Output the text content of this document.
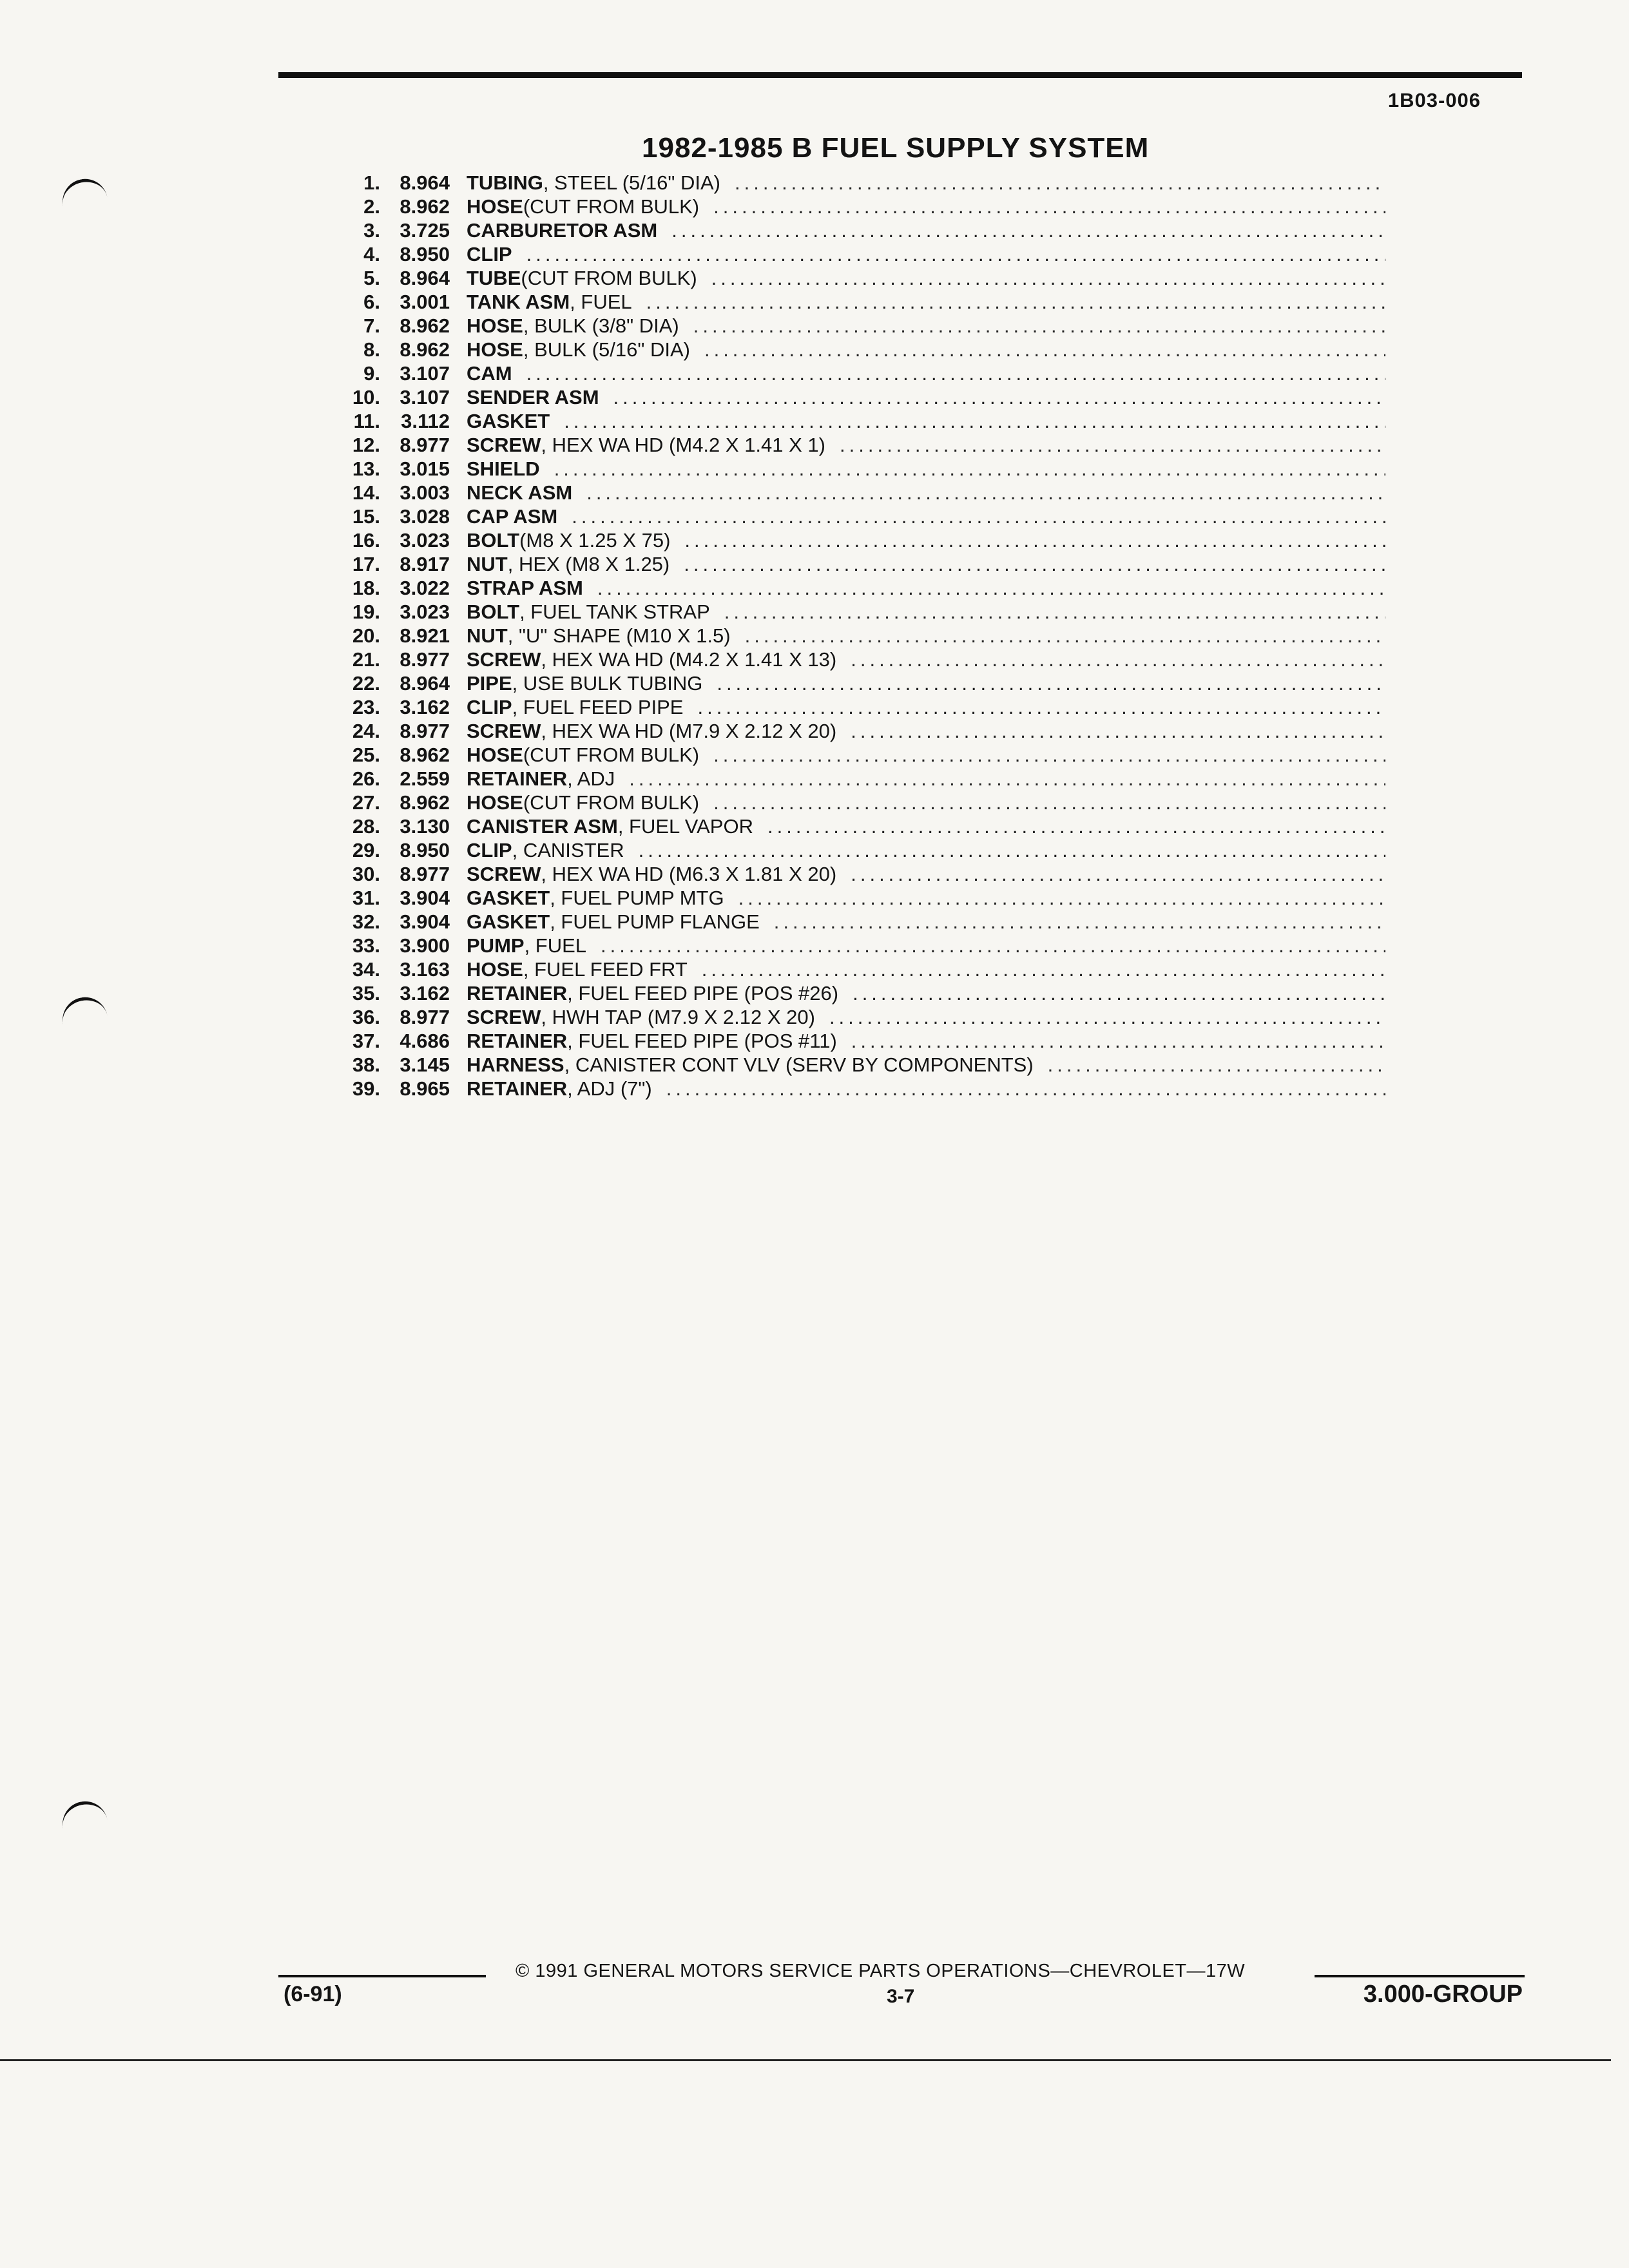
1B03-006
1982-1985 B FUEL SUPPLY SYSTEM
1. 8.964 TUBING , STEEL (5/16" DIA)
.....
2. 8.962 HOSE (CUT FROM BULK)
.....
3. 3.725 CARBURETOR ASM
.....
4. 8.950 CLIP
.....
5. 8.964 TUBE (CUT FROM BULK)
.....
6. 3.001 TANK ASM , FUEL
.....
7. 8.962 HOSE , BULK (3/8" DIA)
.....
8. 8.962 HOSE , BULK (5/16" DIA)
.....
9. 3.107 CAM
.....
10. 3.107 SENDER ASM
.....
11.	3.112 GASKET
.....
12. 8.977 SCREW , HEX WA HD (M4.2 X 1.41 X 1)
.....
13. 3.015 SHIELD
.....
14. 3.003 NECK ASM
.....
15. 3.028 CAP ASM
.....
16. 3.023 BOLT (M8 X 1.25 X 75)
.....
17. 8.917 NUT , HEX (M8 X 1.25)
.....
18. 3.022 STRAP ASM
.....
19. 3.023 BOLT , FUEL TANK STRAP
.....
20. 8.921 NUT , "U" SHAPE (M10 X 1.5)
.....
21. 8.977 SCREW , HEX WA HD (M4.2 X 1.41 X 13)
.....
22. 8.964 PIPE , USE BULK TUBING
.....
23. 3.162 CLIP , FUEL FEED PIPE
.....
24. 8.977 SCREW , HEX WA HD (M7.9 X 2.12 X 20)
.....
25. 8.962 HOSE (CUT FROM BULK)
.....
26. 2.559 RETAINER , ADJ
.....
27. 8.962 HOSE (CUT FROM BULK)
.....
28. 3.130 CANISTER ASM , FUEL VAPOR
.....
29. 8.950 CLIP , CANISTER
.....
30. 8.977 SCREW , HEX WA HD (M6.3 X 1.81 X 20)
.....
31. 3.904 GASKET , FUEL PUMP MTG
.....
32. 3.904 GASKET , FUEL PUMP FLANGE
.....
33. 3.900 PUMP , FUEL
.....
34. 3.163 HOSE , FUEL FEED FRT
.....
35. 3.162 RETAINER , FUEL FEED PIPE (POS #26)
.....
36. 8.977 SCREW , HWH TAP (M7.9 X 2.12 X 20)
.....
37. 4.686 RETAINER , FUEL FEED PIPE (POS #11)
.....
38. 3.145 HARNESS , CANISTER CONT VLV (SERV BY COMPONENTS)
.....
39. 8.965 RETAINER , ADJ (7")
.....
© 1991 GENERAL MOTORS SERVICE PARTS OPERATIONS—CHEVROLET—17W
(6-91)	3-7	3.000-GROUP
